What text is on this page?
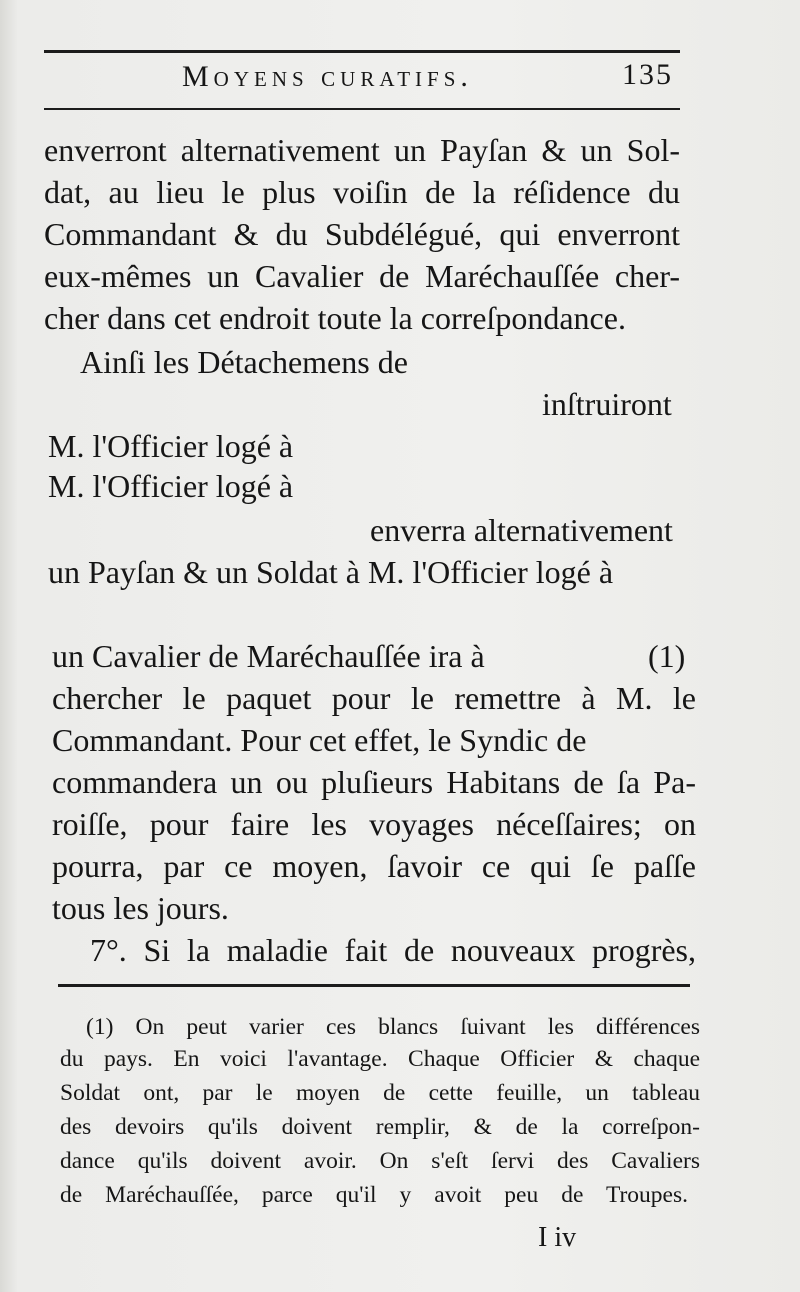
Moyens curatifs.	135
enverront alternativement un Payſan & un Sol-
dat, au lieu le plus voiſin de la réſidence du
Commandant & du Subdélégué, qui enverront
eux-mêmes un Cavalier de Maréchauſſée cher-
cher dans cet endroit toute la correſpondance.
Ainſi les Détachemens de
inſtruiront
M. l'Officier logé à
M. l'Officier logé à
enverra alternativement
un Payſan & un Soldat à M. l'Officier logé à
un Cavalier de Maréchauſſée ira à	(1)
chercher le paquet pour le remettre à M. le
Commandant. Pour cet effet, le Syndic de
commandera un ou pluſieurs Habitans de ſa Pa-
roiſſe, pour faire les voyages néceſſaires; on
pourra, par ce moyen, ſavoir ce qui ſe paſſe
tous les jours.
7°. Si la maladie fait de nouveaux progrès,
(1) On peut varier ces blancs ſuivant les différences
du pays. En voici l'avantage. Chaque Officier & chaque
Soldat ont, par le moyen de cette feuille, un tableau
des devoirs qu'ils doivent remplir, & de la correſpon-
dance qu'ils doivent avoir. On s'eſt ſervi des Cavaliers
de Maréchauſſée, parce qu'il y avoit peu de Troupes.
I iv
